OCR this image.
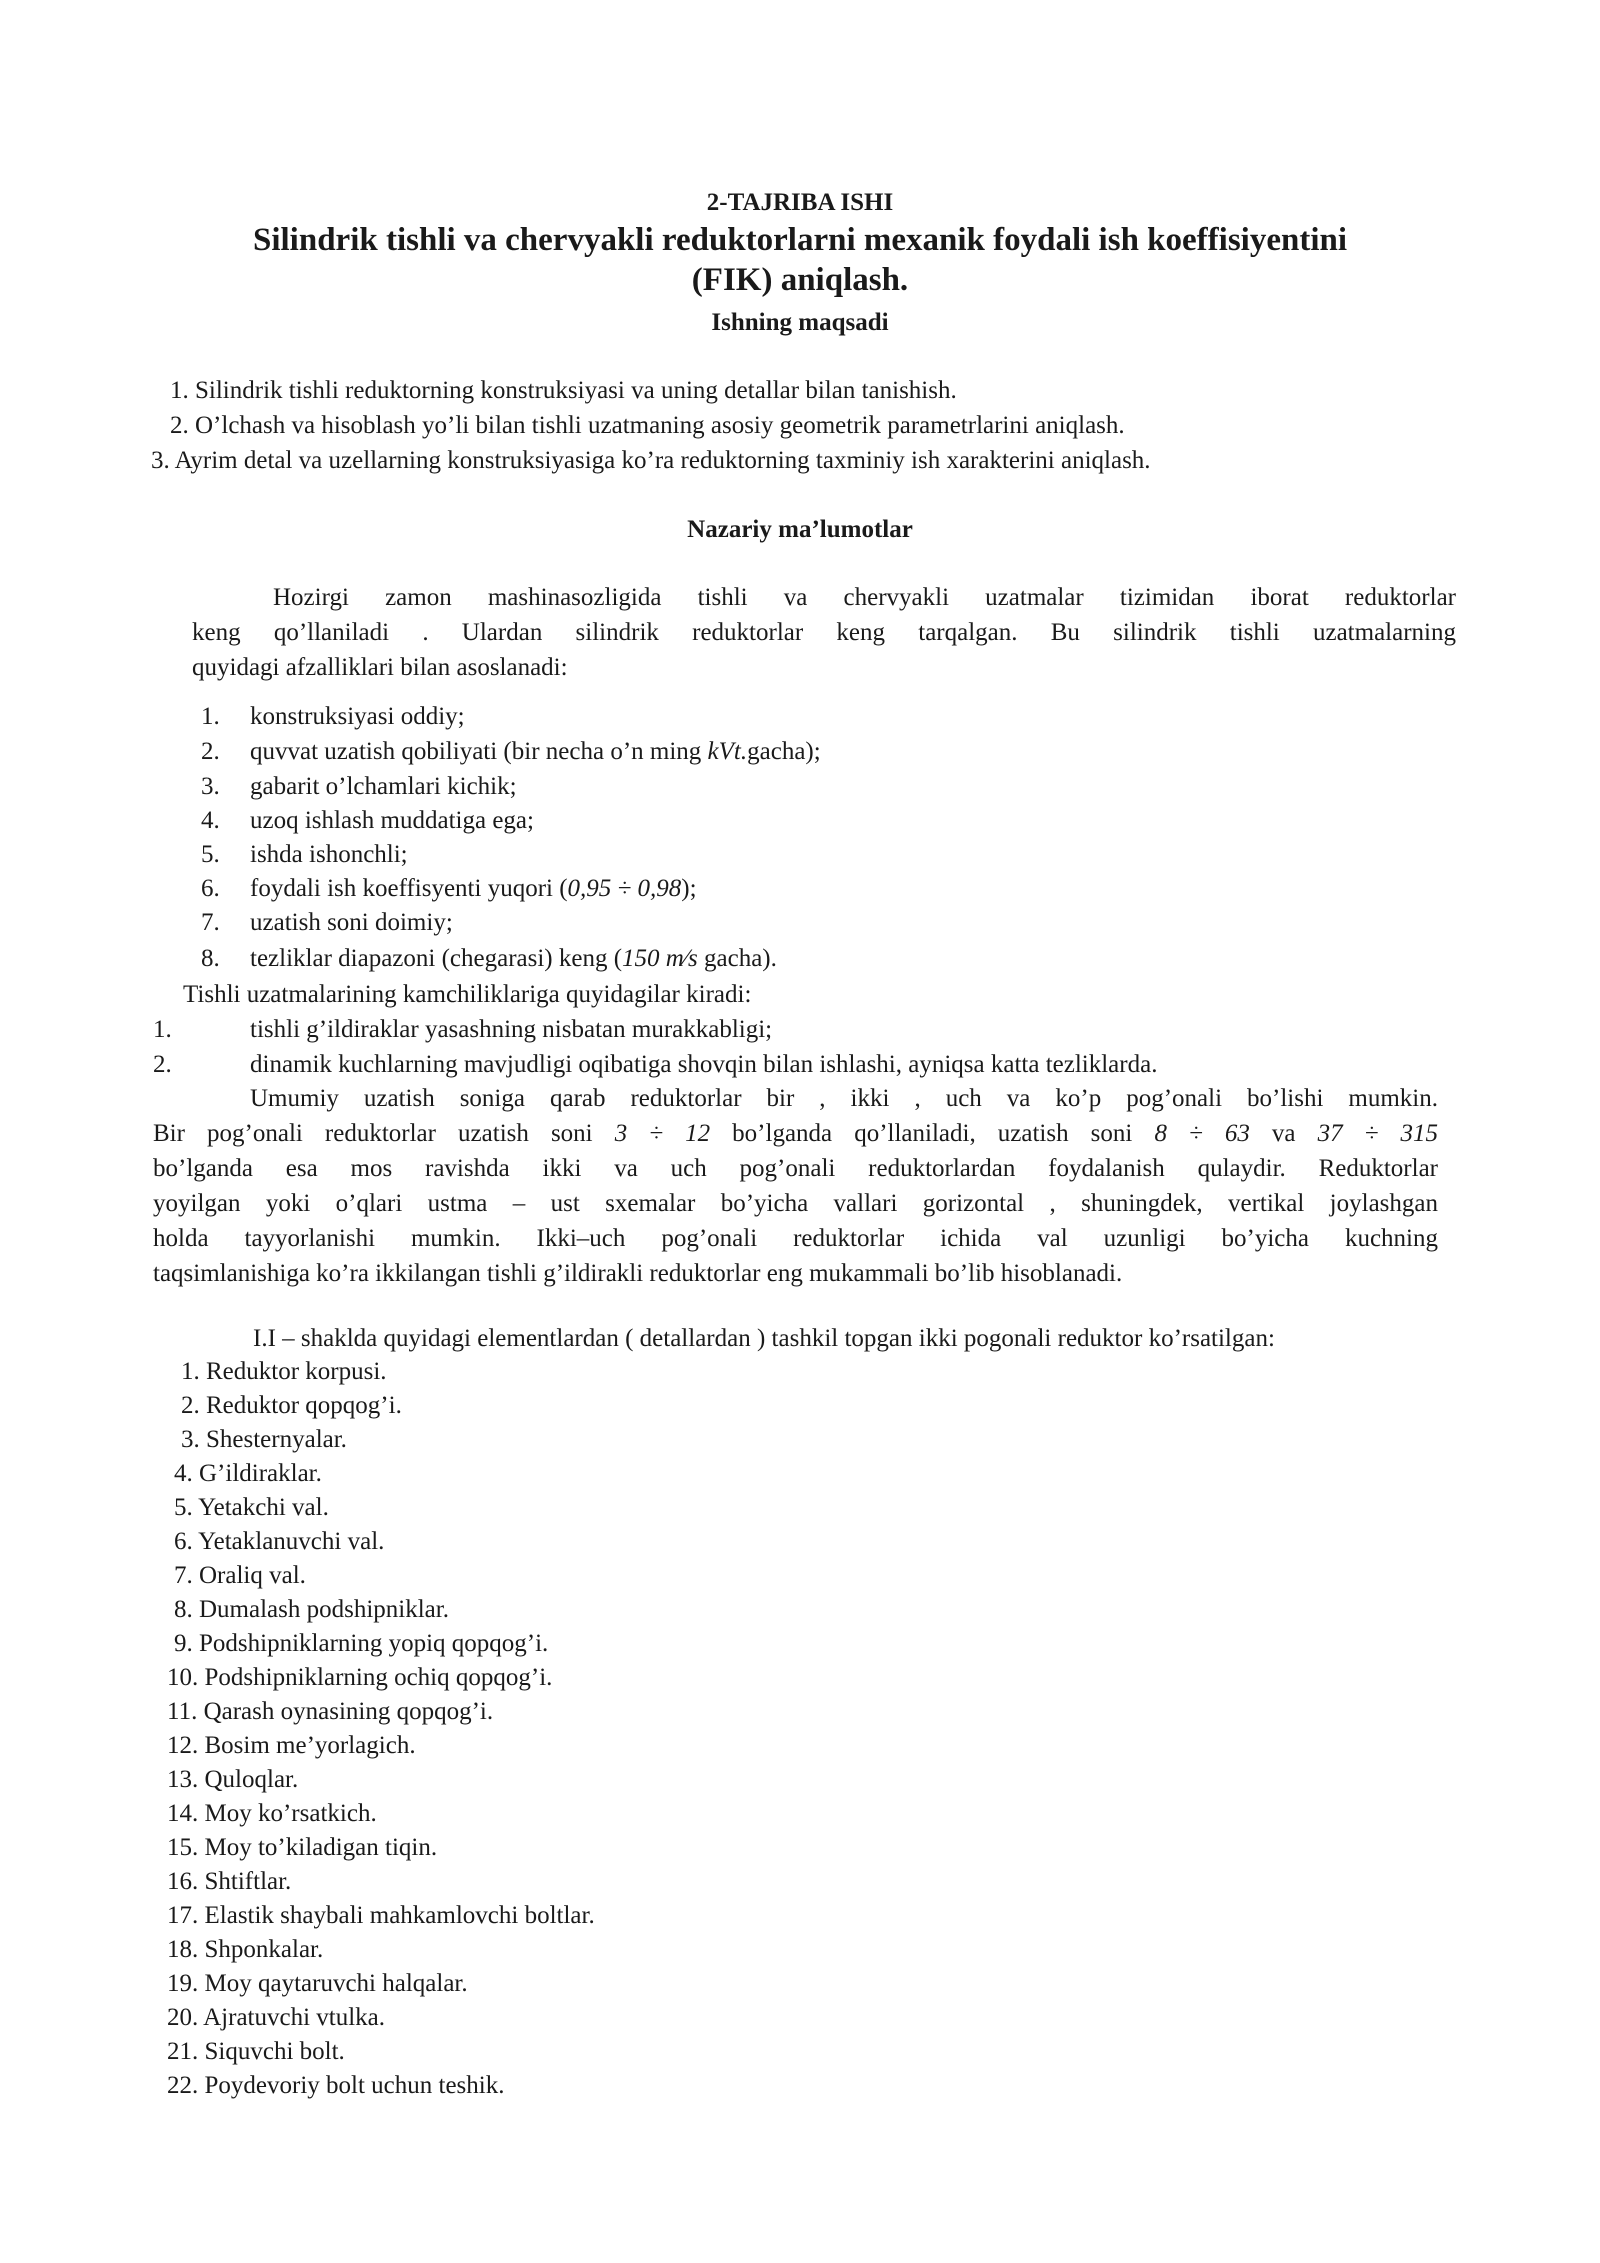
2-TAJRIBA ISHI
Silindrik tishli va chervyakli reduktorlarni mexanik foydali ish koeffisiyentini
(FIK) aniqlash.
Ishning maqsadi
1. Silindrik tishli reduktorning konstruksiyasi va uning detallar bilan tanishish.
2. O’lchash va hisoblash yo’li bilan tishli uzatmaning asosiy geometrik parametrlarini aniqlash.
3. Ayrim detal va uzellarning konstruksiyasiga ko’ra reduktorning taxminiy ish xarakterini aniqlash.
Nazariy ma’lumotlar
Hozirgi zamon mashinasozligida tishli va chervyakli uzatmalar tizimidan iborat reduktorlar
keng qo’llaniladi . Ulardan silindrik reduktorlar keng tarqalgan. Bu silindrik tishli uzatmalarning
quyidagi afzalliklari bilan asoslanadi:
1. konstruksiyasi oddiy;
2. quvvat uzatish qobiliyati (bir necha o’n ming kVt.gacha);
3. gabarit o’lchamlari kichik;
4. uzoq ishlash muddatiga ega;
5. ishda ishonchli;
6. foydali ish koeffisyenti yuqori (0,95 ÷ 0,98);
7. uzatish soni doimiy;
8. tezliklar diapazoni (chegarasi) keng (150 m⁄s gacha).
Tishli uzatmalarining kamchiliklariga quyidagilar kiradi:
1.	tishli g’ildiraklar yasashning nisbatan murakkabligi;
2.	dinamik kuchlarning mavjudligi oqibatiga shovqin bilan ishlashi, ayniqsa katta tezliklarda.
Umumiy uzatish soniga qarab reduktorlar bir , ikki , uch va ko’p pog’onali bo’lishi mumkin.
Bir pog’onali reduktorlar uzatish soni 3 ÷ 12 bo’lganda qo’llaniladi, uzatish soni 8 ÷ 63 va 37 ÷ 315
bo’lganda esa mos ravishda ikki va uch pog’onali reduktorlardan foydalanish qulaydir. Reduktorlar
yoyilgan yoki o’qlari ustma – ust sxemalar bo’yicha vallari gorizontal , shuningdek, vertikal joylashgan
holda tayyorlanishi mumkin. Ikki–uch pog’onali reduktorlar ichida val uzunligi bo’yicha kuchning
taqsimlanishiga ko’ra ikkilangan tishli g’ildirakli reduktorlar eng mukammali bo’lib hisoblanadi.
I.I – shaklda quyidagi elementlardan ( detallardan ) tashkil topgan ikki pogonali reduktor ko’rsatilgan:
1. Reduktor korpusi.
2. Reduktor qopqog’i.
3. Shesternyalar.
4. G’ildiraklar.
5. Yetakchi val.
6. Yetaklanuvchi val.
7. Oraliq val.
8. Dumalash podshipniklar.
9. Podshipniklarning yopiq qopqog’i.
10. Podshipniklarning ochiq qopqog’i.
11. Qarash oynasining qopqog’i.
12. Bosim me’yorlagich.
13. Quloqlar.
14. Moy ko’rsatkich.
15. Moy to’kiladigan tiqin.
16. Shtiftlar.
17. Elastik shaybali mahkamlovchi boltlar.
18. Shponkalar.
19. Moy qaytaruvchi halqalar.
20. Ajratuvchi vtulka.
21. Siquvchi bolt.
22. Poydevoriy bolt uchun teshik.
